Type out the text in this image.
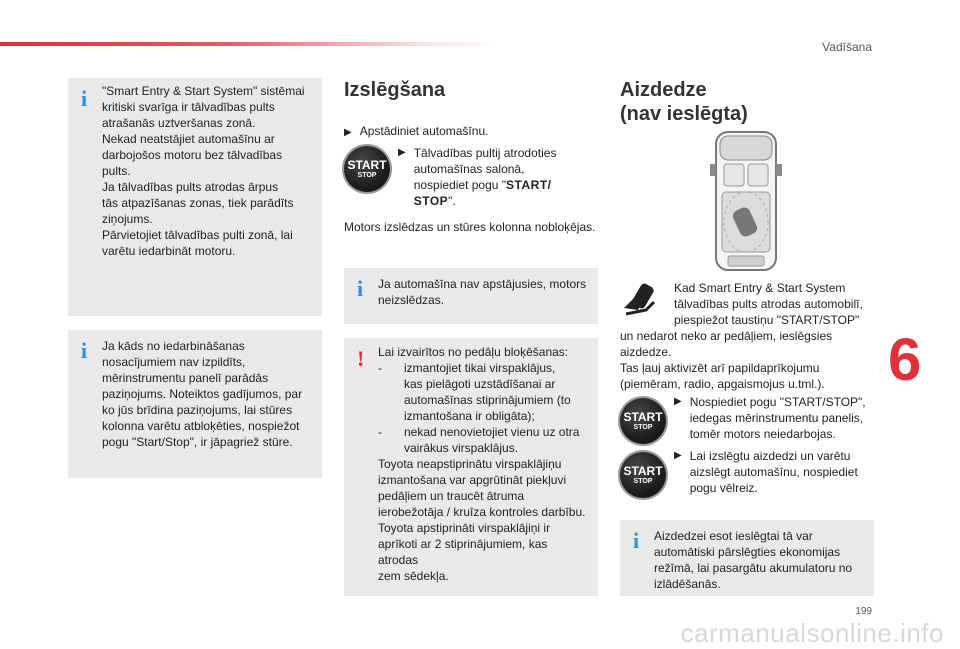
Vadīšana
6
199
carmanualsonline.info
i "Smart Entry & Start System" sistēmai
kritiski svarīga ir tālvadības pults
atrašanās uztveršanas zonā.
Nekad neatstājiet automašīnu ar
darbojošos motoru bez tālvadības pults.
Ja tālvadības pults atrodas ārpus
tās atpazīšanas zonas, tiek parādīts
ziņojums.
Pārvietojiet tālvadības pulti zonā, lai
varētu iedarbināt motoru.
i Ja kāds no iedarbināšanas
nosacījumiem nav izpildīts,
mērinstrumentu panelī parādās
paziņojums. Noteiktos gadījumos, par
ko jūs brīdina paziņojums, lai stūres
kolonna varētu atbloķēties, nospiežot
pogu "Start/Stop", ir jāpagriež stūre.
Izslēgšana
▶ Apstādiniet automašīnu.
START
STOP
▶ Tālvadības pultij atrodoties
automašīnas salonā,
nospiediet pogu "START/
STOP".
Motors izslēdzas un stūres kolonna nobloķējas.
i Ja automašīna nav apstājusies, motors
neizslēdzas.
! Lai izvairītos no pedāļu bloķēšanas:
-	izmantojiet tikai virspaklājus,
kas pielāgoti uzstādīšanai ar
automašīnas stiprinājumiem (to
izmantošana ir obligāta);
-	nekad nenovietojiet vienu uz otra
vairākus virspaklājus.
Toyota neapstiprinātu virspaklājiņu
izmantošana var apgrūtināt piekļuvi
pedāļiem un traucēt ātruma
ierobežotāja / kruīza kontroles darbību.
Toyota apstiprināti virspaklājiņi ir
aprīkoti ar 2 stiprinājumiem, kas atrodas
zem sēdekļa.
Aizdedze
(nav ieslēgta)
Kad Smart Entry & Start System
tālvadības pults atrodas automobilī,
piespiežot taustiņu "START/STOP"
un nedarot neko ar pedāļiem, ieslēgsies
aizdedze.
Tas ļauj aktivizēt arī papildaprīkojumu
(piemēram, radio, apgaismojus u.tml.).
START
STOP
▶ Nospiediet pogu "START/STOP",
iedegas mērinstrumentu panelis,
tomēr motors neiedarbojas.
START
STOP
▶ Lai izslēgtu aizdedzi un varētu
aizslēgt automašīnu, nospiediet
pogu vēlreiz.
i Aizdedzei esot ieslēgtai tā var
automātiski pārslēgties ekonomijas
režīmā, lai pasargātu akumulatoru no
izlādēšanās.
